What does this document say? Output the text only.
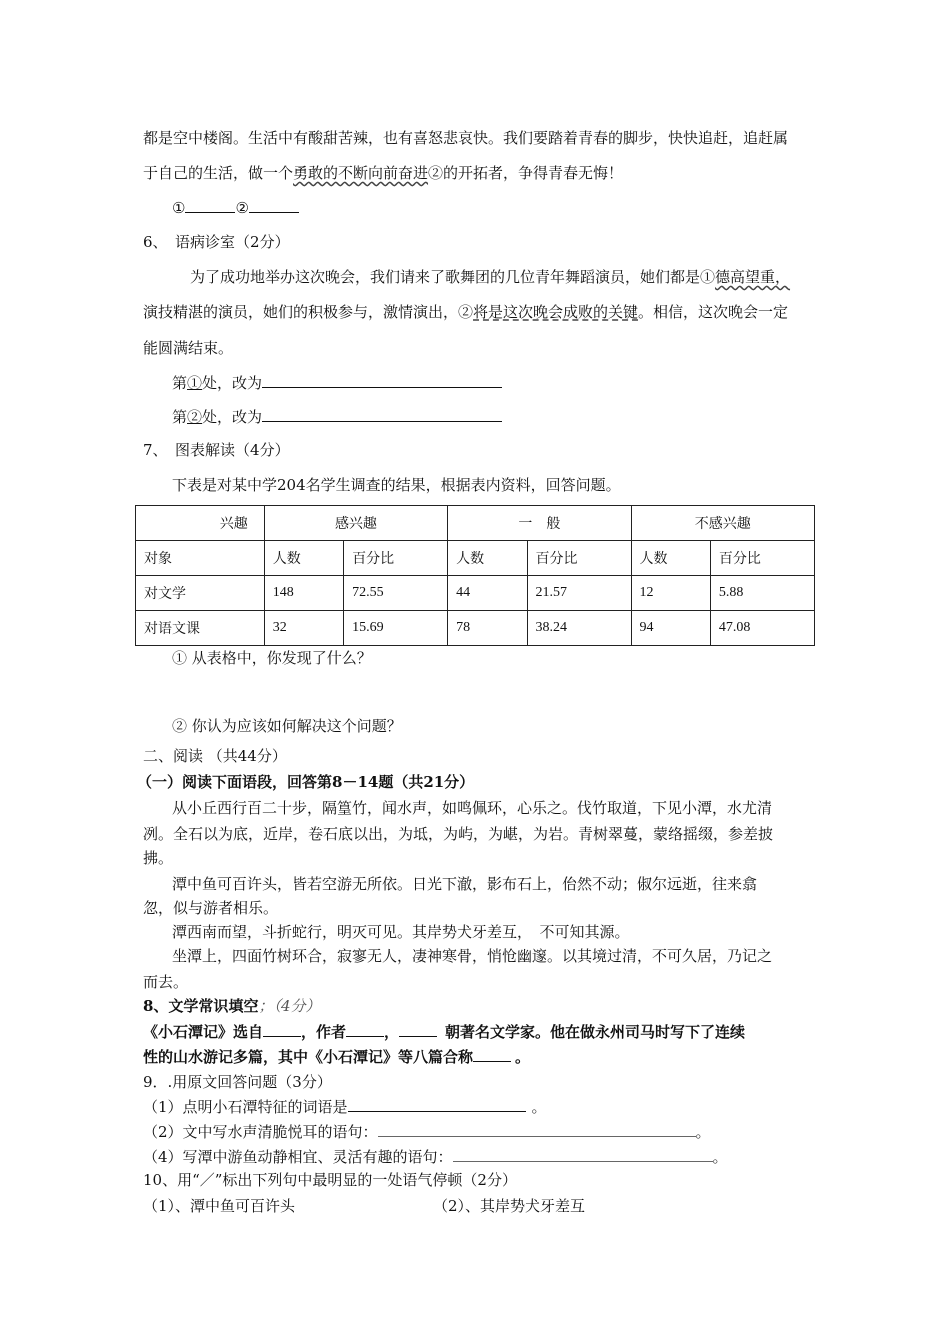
都是空中楼阁。生活中有酸甜苦辣，也有喜怒悲哀快。我们要踏着青春的脚步，快快追赶，追赶属
于自己的生活，做一个勇敢的不断向前奋进②的开拓者，争得青春无悔！
①	②
6、　语病诊室（2分）
为了成功地举办这次晚会，我们请来了歌舞团的几位青年舞蹈演员，她们都是①德高望重，
演技精湛的演员，她们的积极参与，激情演出，②将是这次晚会成败的关键。相信，这次晚会一定
能圆满结束。
第①处，改为
第②处，改为
7、　图表解读（4分）
下表是对某中学204名学生调查的结果，根据表内资料，回答问题。
兴趣	感兴趣		一　般		不感兴趣	
对象	人数	百分比	人数	百分比	人数	百分比
对文学	148	72.55	44	21.57	12	5.88
对语文课	32	15.69	78	38.24	94	47.08
① 从表格中，你发现了什么？
② 你认为应该如何解决这个问题？
二、阅读 （共44分）
（一）阅读下面语段，回答第8－14题（共21分）
从小丘西行百二十步，隔篁竹，闻水声，如鸣佩环，心乐之。伐竹取道，下见小潭，水尤清
冽。全石以为底，近岸，卷石底以出，为坻，为屿，为嵁，为岩。青树翠蔓，蒙络摇缀，参差披
拂。
潭中鱼可百许头，皆若空游无所依。日光下澈，影布石上，佁然不动；俶尔远逝，往来翕
忽，似与游者相乐。
潭西南而望，斗折蛇行，明灭可见。其岸势犬牙差互，　不可知其源。
坐潭上，四面竹树环合，寂寥无人，凄神寒骨，悄怆幽邃。以其境过清，不可久居，乃记之
而去。
8、文学常识填空；（4分）
《小石潭记》选自	，作者	，	朝著名文学家。他在做永州司马时写下了连续
性的山水游记多篇，其中《小石潭记》等八篇合称	。
9．.用原文回答问题（3分）
（1）点明小石潭特征的词语是	。
（2）文中写水声清脆悦耳的语句：	。
（4）写潭中游鱼动静相宜、灵活有趣的语句：	。
10、用“／”标出下列句中最明显的一处语气停顿（2分）
（1）、潭中鱼可百许头	（2）、其岸势犬牙差互
